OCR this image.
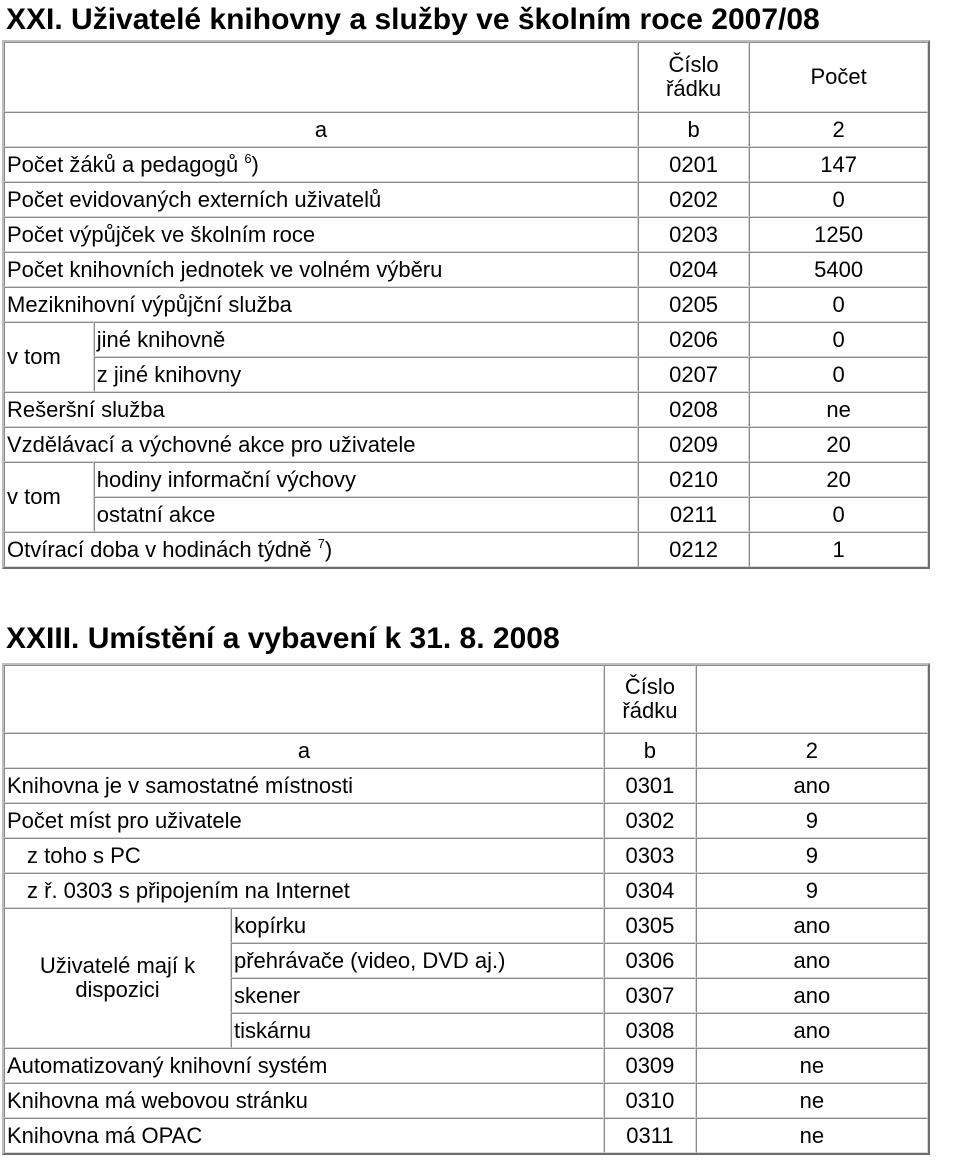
XXI. Uživatelé knihovny a služby ve školním roce 2007/08
		Číslo řádku	Počet
a		b	2
Počet žáků a pedagogů $^6$)		0201	147
Počet evidovaných externích uživatelů		0202	0
Počet výpůjček ve školním roce		0203	1250
Počet knihovních jednotek ve volném výběru		0204	5400
Meziknihovní výpůjční služba		0205	0
v tom	jiné knihovně	0206	0
	z jiné knihovny	0207	0
Rešeršní služba		0208	ne
Vzdělávací a výchovné akce pro uživatele		0209	20
v tom	hodiny informační výchovy	0210	20
	ostatní akce	0211	0
Otvírací doba v hodinách týdně $^7$)		0212	1
XXIII. Umístění a vybavení k 31. 8. 2008
		Číslo řádku	
a		b	2
Knihovna je v samostatné místnosti		0301	ano
Počet míst pro uživatele		0302	9
z toho s PC		0303	9
z ř. 0303 s připojením na Internet		0304	9
Uživatelé mají k dispozici	kopírku	0305	ano
	přehrávače (video, DVD aj.)	0306	ano
	skener	0307	ano
	tiskárnu	0308	ano
Automatizovaný knihovní systém		0309	ne
Knihovna má webovou stránku		0310	ne
Knihovna má OPAC		0311	ne
